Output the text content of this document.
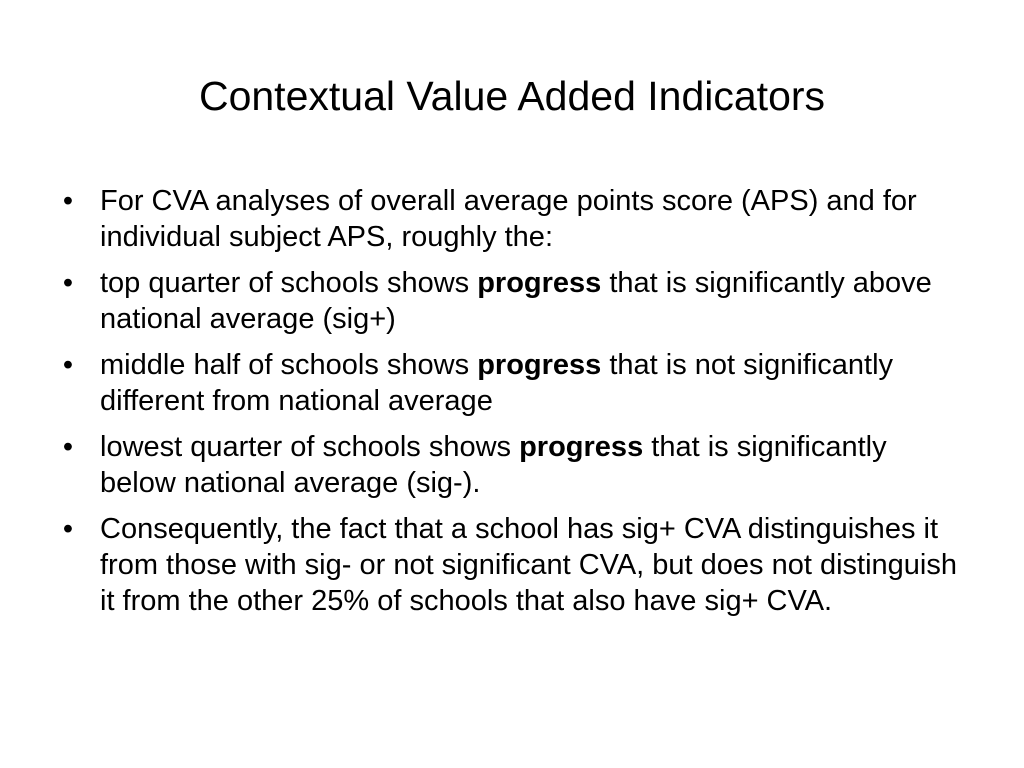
Contextual Value Added Indicators
• For CVA analyses of overall average points score (APS) and for individual subject APS, roughly the:
• top quarter of schools shows progress that is significantly above national average (sig+)
• middle half of schools shows progress that is not significantly different from national average
• lowest quarter of schools shows progress that is significantly below national average (sig-).
• Consequently, the fact that a school has sig+ CVA distinguishes it from those with sig- or not significant CVA, but does not distinguish it from the other 25% of schools that also have sig+ CVA.
